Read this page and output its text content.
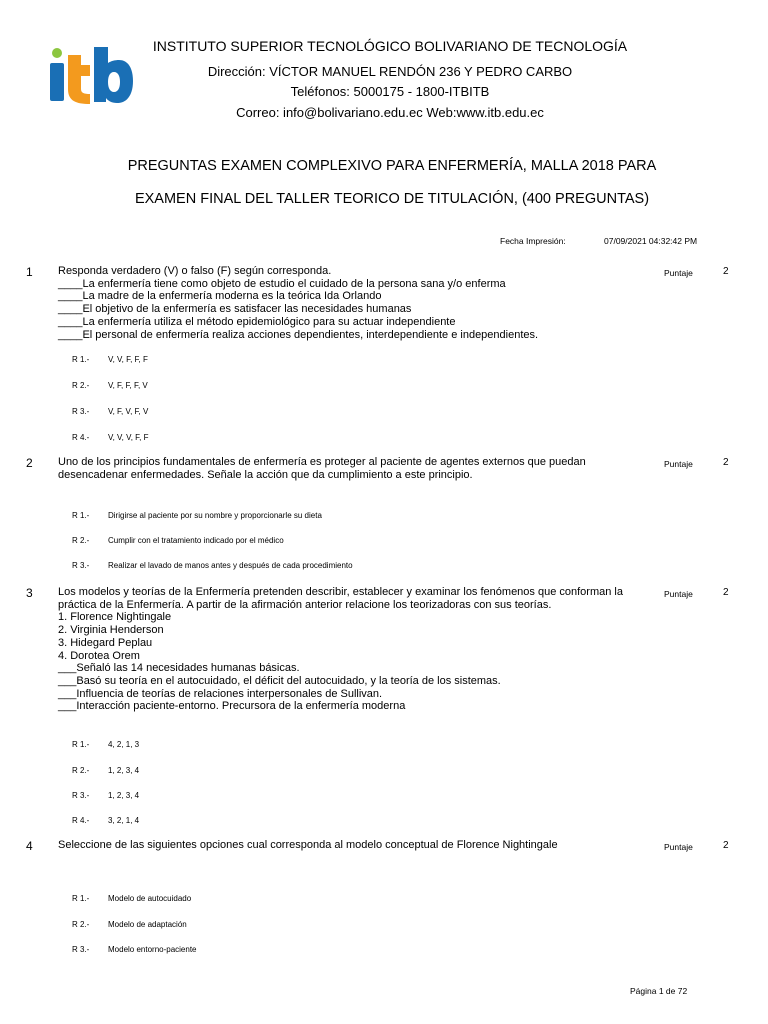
INSTITUTO SUPERIOR TECNOLÓGICO BOLIVARIANO DE TECNOLOGÍA
Dirección: VÍCTOR MANUEL RENDÓN 236 Y PEDRO CARBO
Teléfonos: 5000175 - 1800-ITBITB
Correo: info@bolivariano.edu.ec Web:www.itb.edu.ec
PREGUNTAS EXAMEN COMPLEXIVO PARA ENFERMERÍA, MALLA 2018 PARA
EXAMEN FINAL DEL TALLER TEORICO DE TITULACIÓN, (400 PREGUNTAS)
Fecha Impresión:	07/09/2021 04:32:42 PM
1 Responda verdadero (V) o falso (F) según corresponda.
____La enfermería tiene como objeto de estudio el cuidado de la persona sana y/o enferma
____La madre de la enfermería moderna es la teórica Ida Orlando
____El objetivo de la enfermería es satisfacer las necesidades humanas
____La enfermería utiliza el método epidemiológico para su actuar independiente
____El personal de enfermería realiza acciones dependientes, interdependiente e independientes.
Puntaje	2
R 1.- V, V, F, F, F
R 2.- V, F, F, F, V
R 3.- V, F, V, F, V
R 4.- V, V, V, F, F
2 Uno de los principios fundamentales de enfermería es proteger al paciente de agentes externos que puedan desencadenar enfermedades. Señale la acción que da cumplimiento a este principio.
Puntaje	2
R 1.- Dirigirse al paciente por su nombre y proporcionarle su dieta
R 2.- Cumplir con el tratamiento indicado por el médico
R 3.- Realizar el lavado de manos antes y después de cada procedimiento
3 Los modelos y teorías de la Enfermería pretenden describir, establecer y examinar los fenómenos que conforman la práctica de la Enfermería. A partir de la afirmación anterior relacione los teorizadoras con sus teorías.
1. Florence Nightingale
2. Virginia Henderson
3. Hidegard Peplau
4. Dorotea Orem
___Señaló las 14 necesidades humanas básicas.
___Basó su teoría en el autocuidado, el déficit del autocuidado, y la teoría de los sistemas.
___Influencia de teorías de relaciones interpersonales de Sullivan.
___Interacción paciente-entorno. Precursora de la enfermería moderna
Puntaje	2
R 1.- 4, 2, 1, 3
R 2.- 1, 2, 3, 4
R 3.- 1, 2, 3, 4
R 4.- 3, 2, 1, 4
4 Seleccione de las siguientes opciones cual corresponda al modelo conceptual de Florence Nightingale	Puntaje	2
R 1.- Modelo de autocuidado
R 2.- Modelo de adaptación
R 3.- Modelo entorno-paciente
Página 1 de 72
